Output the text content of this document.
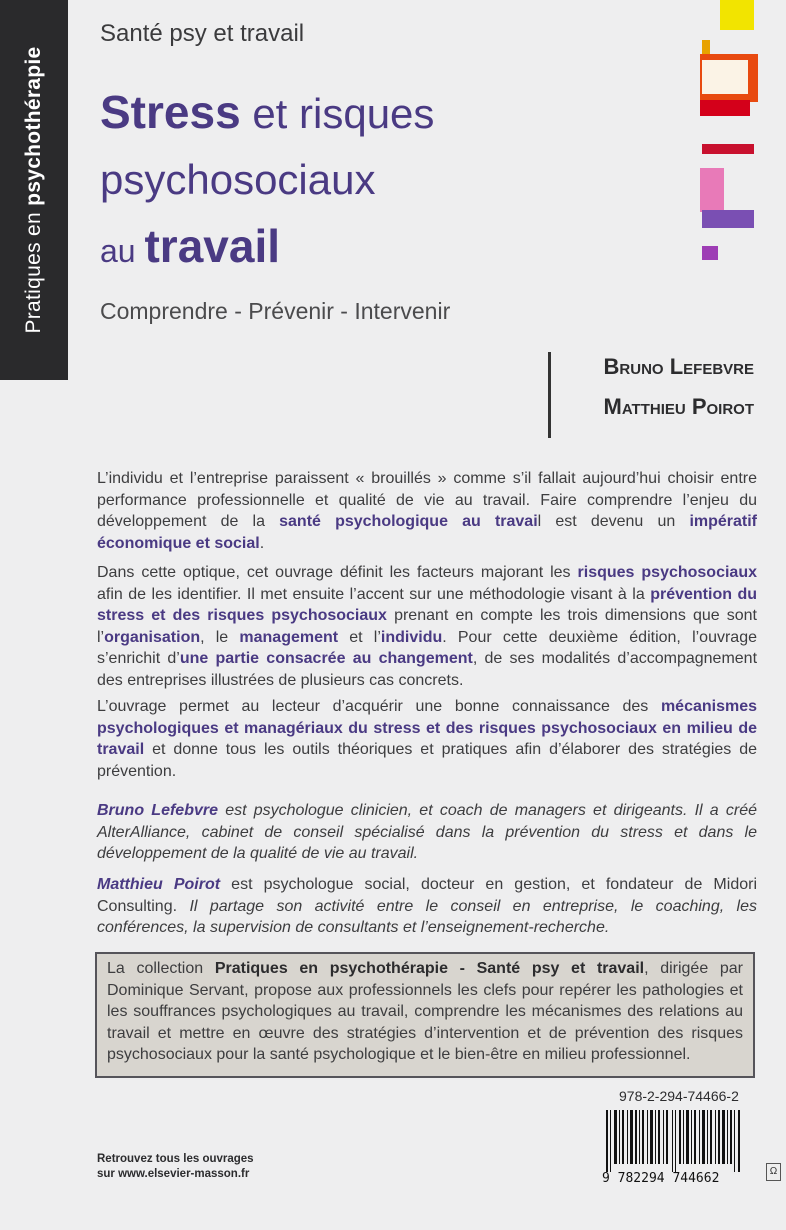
Pratiques en psychothérapie
Santé psy et travail
Stress et risques
psychosociaux
au travail
Comprendre - Prévenir - Intervenir
Bruno Lefebvre
Matthieu Poirot

L’individu et l’entreprise paraissent « brouillés » comme s’il fallait aujourd’hui choisir entre performance professionnelle et qualité de vie au travail. Faire comprendre l’enjeu du développement de la santé psychologique au travail est devenu un impératif économique et social.

Dans cette optique, cet ouvrage définit les facteurs majorant les risques psychosociaux afin de les identifier. Il met ensuite l’accent sur une méthodologie visant à la prévention du stress et des risques psychosociaux prenant en compte les trois dimensions que sont l’organisation, le management et l’individu. Pour cette deuxième édition, l’ouvrage s’enrichit d’une partie consacrée au changement, de ses modalités d’accompagnement des entreprises illustrées de plusieurs cas concrets.

L’ouvrage permet au lecteur d’acquérir une bonne connaissance des mécanismes psychologiques et managériaux du stress et des risques psychosociaux en milieu de travail et donne tous les outils théoriques et pratiques afin d’élaborer des stratégies de prévention.

Bruno Lefebvre est psychologue clinicien, et coach de managers et dirigeants. Il a créé AlterAlliance, cabinet de conseil spécialisé dans la prévention du stress et dans le développement de la qualité de vie au travail.
Matthieu Poirot est psychologue social, docteur en gestion, et fondateur de Midori Consulting. Il partage son activité entre le conseil en entreprise, le coaching, les conférences, la supervision de consultants et l’enseignement-recherche.
La collection Pratiques en psychothérapie - Santé psy et travail, dirigée par Dominique Servant, propose aux professionnels les clefs pour repérer les pathologies et les souffrances psychologiques au travail, comprendre les mécanismes des relations au travail et mettre en œuvre des stratégies d’intervention et de prévention des risques psychosociaux pour la santé psychologique et le bien-être en milieu professionnel.
978-2-294-74466-2
9 782294 744662
Retrouvez tous les ouvrages
sur www.elsevier-masson.fr	Ω
